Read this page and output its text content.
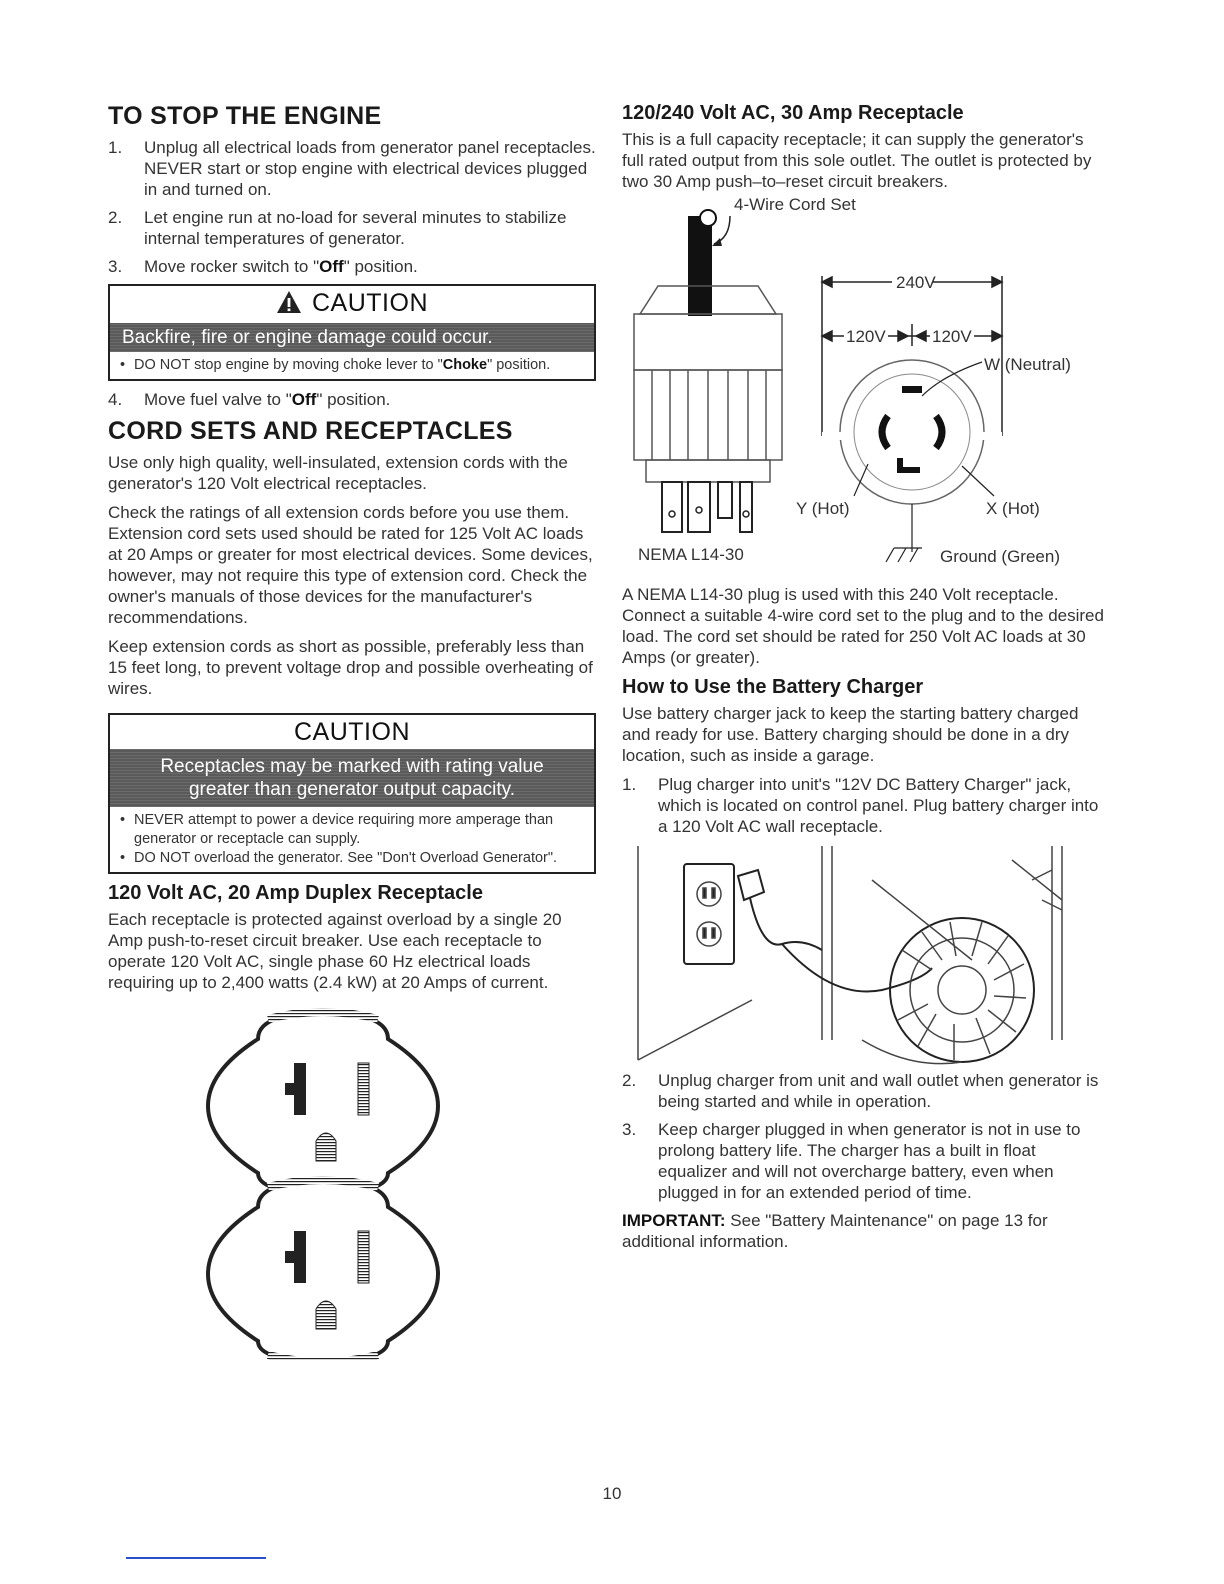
TO STOP THE ENGINE
1. Unplug all electrical loads from generator panel receptacles. NEVER start or stop engine with electrical devices plugged in and turned on.
2. Let engine run at no-load for several minutes to stabilize internal temperatures of generator.
3. Move rocker switch to "Off" position.
CAUTION
Backfire, fire or engine damage could occur.
• DO NOT stop engine by moving choke lever to "Choke" position.
4. Move fuel valve to "Off" position.
CORD SETS AND RECEPTACLES

Use only high quality, well-insulated, extension cords with the generator's 120 Volt electrical receptacles.

Check the ratings of all extension cords before you use them. Extension cord sets used should be rated for 125 Volt AC loads at 20 Amps or greater for most electrical devices. Some devices, however, may not require this type of extension cord. Check the owner's manuals of those devices for the manufacturer's recommendations.

Keep extension cords as short as possible, preferably less than 15 feet long, to prevent voltage drop and possible overheating of wires.

CAUTION
Receptacles may be marked with rating value
greater than generator output capacity.
• NEVER attempt to power a device requiring more amperage than generator or receptacle can supply.
• DO NOT overload the generator. See "Don't Overload Generator".
120 Volt AC, 20 Amp Duplex Receptacle

Each receptacle is protected against overload by a single 20 Amp push-to-reset circuit breaker. Use each receptacle to operate 120 Volt AC, single phase 60 Hz electrical loads requiring up to 2,400 watts (2.4 kW) at 20 Amps of current.

120/240 Volt AC, 30 Amp Receptacle

This is a full capacity receptacle; it can supply the generator's full rated output from this sole outlet. The outlet is protected by two 30 Amp push–to–reset circuit breakers.

4-Wire Cord Set
240V
120V	120V
W (Neutral)
Y (Hot)	X (Hot)
NEMA L14-30	Ground (Green)

A NEMA L14-30 plug is used with this 240 Volt receptacle. Connect a suitable 4-wire cord set to the plug and to the desired load. The cord set should be rated for 250 Volt AC loads at 30 Amps (or greater).

How to Use the Battery Charger

Use battery charger jack to keep the starting battery charged and ready for use. Battery charging should be done in a dry location, such as inside a garage.

1. Plug charger into unit's "12V DC Battery Charger" jack, which is located on control panel. Plug battery charger into a 120 Volt AC wall receptacle.
2. Unplug charger from unit and wall outlet when generator is being started and while in operation.
3. Keep charger plugged in when generator is not in use to prolong battery life. The charger has a built in float equalizer and will not overcharge battery, even when plugged in for an extended period of time.

IMPORTANT: See "Battery Maintenance" on page 13 for additional information.

10
